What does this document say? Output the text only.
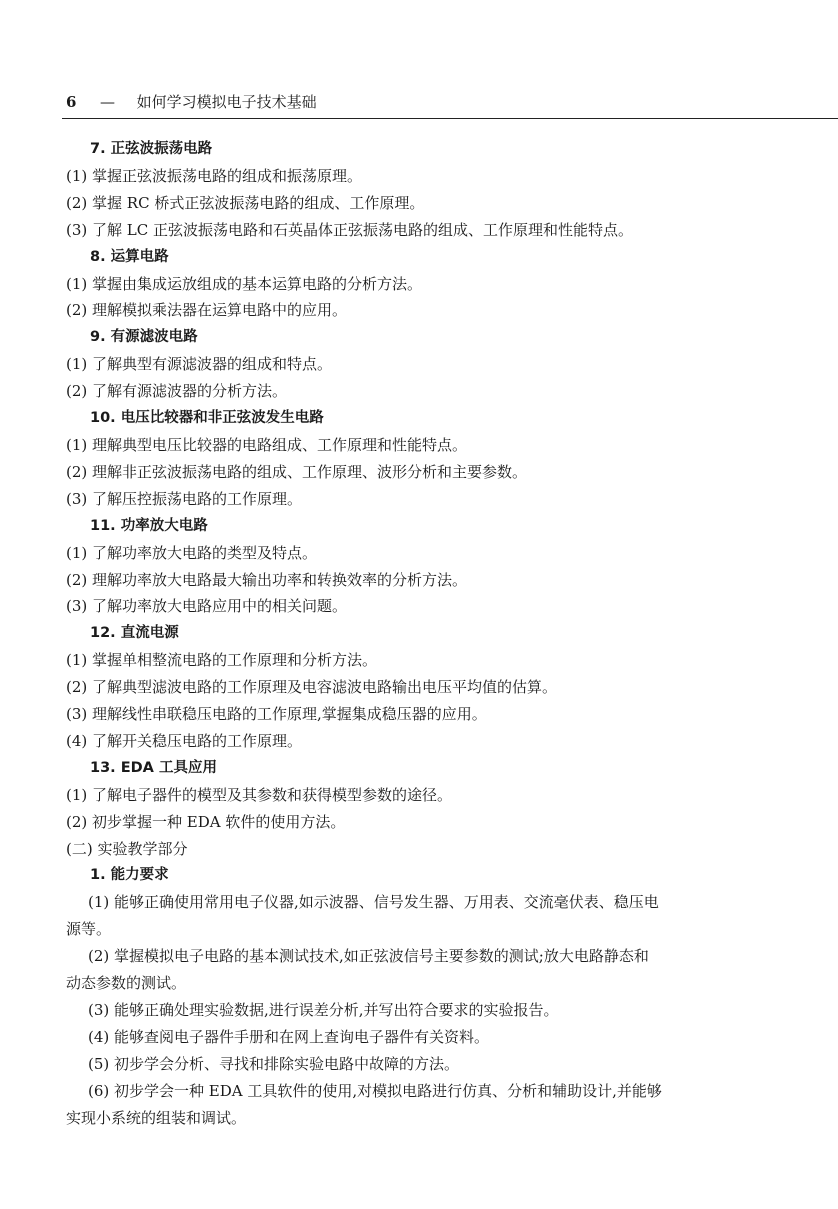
6 — 如何学习模拟电子技术基础
7. 正弦波振荡电路
(1) 掌握正弦波振荡电路的组成和振荡原理。
(2) 掌握 RC 桥式正弦波振荡电路的组成、工作原理。
(3) 了解 LC 正弦波振荡电路和石英晶体正弦振荡电路的组成、工作原理和性能特点。
8. 运算电路
(1) 掌握由集成运放组成的基本运算电路的分析方法。
(2) 理解模拟乘法器在运算电路中的应用。
9. 有源滤波电路
(1) 了解典型有源滤波器的组成和特点。
(2) 了解有源滤波器的分析方法。
10. 电压比较器和非正弦波发生电路
(1) 理解典型电压比较器的电路组成、工作原理和性能特点。
(2) 理解非正弦波振荡电路的组成、工作原理、波形分析和主要参数。
(3) 了解压控振荡电路的工作原理。
11. 功率放大电路
(1) 了解功率放大电路的类型及特点。
(2) 理解功率放大电路最大输出功率和转换效率的分析方法。
(3) 了解功率放大电路应用中的相关问题。
12. 直流电源
(1) 掌握单相整流电路的工作原理和分析方法。
(2) 了解典型滤波电路的工作原理及电容滤波电路输出电压平均值的估算。
(3) 理解线性串联稳压电路的工作原理,掌握集成稳压器的应用。
(4) 了解开关稳压电路的工作原理。
13. EDA 工具应用
(1) 了解电子器件的模型及其参数和获得模型参数的途径。
(2) 初步掌握一种 EDA 软件的使用方法。
(二) 实验教学部分
1. 能力要求
(1) 能够正确使用常用电子仪器,如示波器、信号发生器、万用表、交流毫伏表、稳压电
源等。
(2) 掌握模拟电子电路的基本测试技术,如正弦波信号主要参数的测试;放大电路静态和
动态参数的测试。
(3) 能够正确处理实验数据,进行误差分析,并写出符合要求的实验报告。
(4) 能够查阅电子器件手册和在网上查询电子器件有关资料。
(5) 初步学会分析、寻找和排除实验电路中故障的方法。
(6) 初步学会一种 EDA 工具软件的使用,对模拟电路进行仿真、分析和辅助设计,并能够
实现小系统的组装和调试。
